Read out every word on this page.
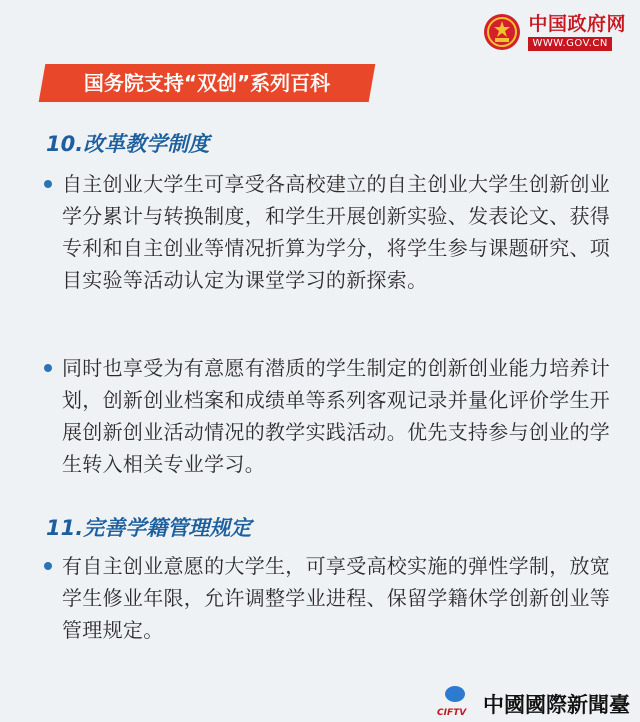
中国政府网
WWW.GOV.CN
国务院支持“双创”系列百科
10.改革教学制度
自主创业大学生可享受各高校建立的自主创业大学生创新创业学分累计与转换制度，和学生开展创新实验、发表论文、获得专利和自主创业等情况折算为学分，将学生参与课题研究、项目实验等活动认定为课堂学习的新探索。
同时也享受为有意愿有潜质的学生制定的创新创业能力培养计划，创新创业档案和成绩单等系列客观记录并量化评价学生开展创新创业活动情况的教学实践活动。优先支持参与创业的学生转入相关专业学习。
11.完善学籍管理规定
有自主创业意愿的大学生，可享受高校实施的弹性学制，放宽学生修业年限，允许调整学业进程、保留学籍休学创新创业等管理规定。
CIFTV 中國國際新聞臺
